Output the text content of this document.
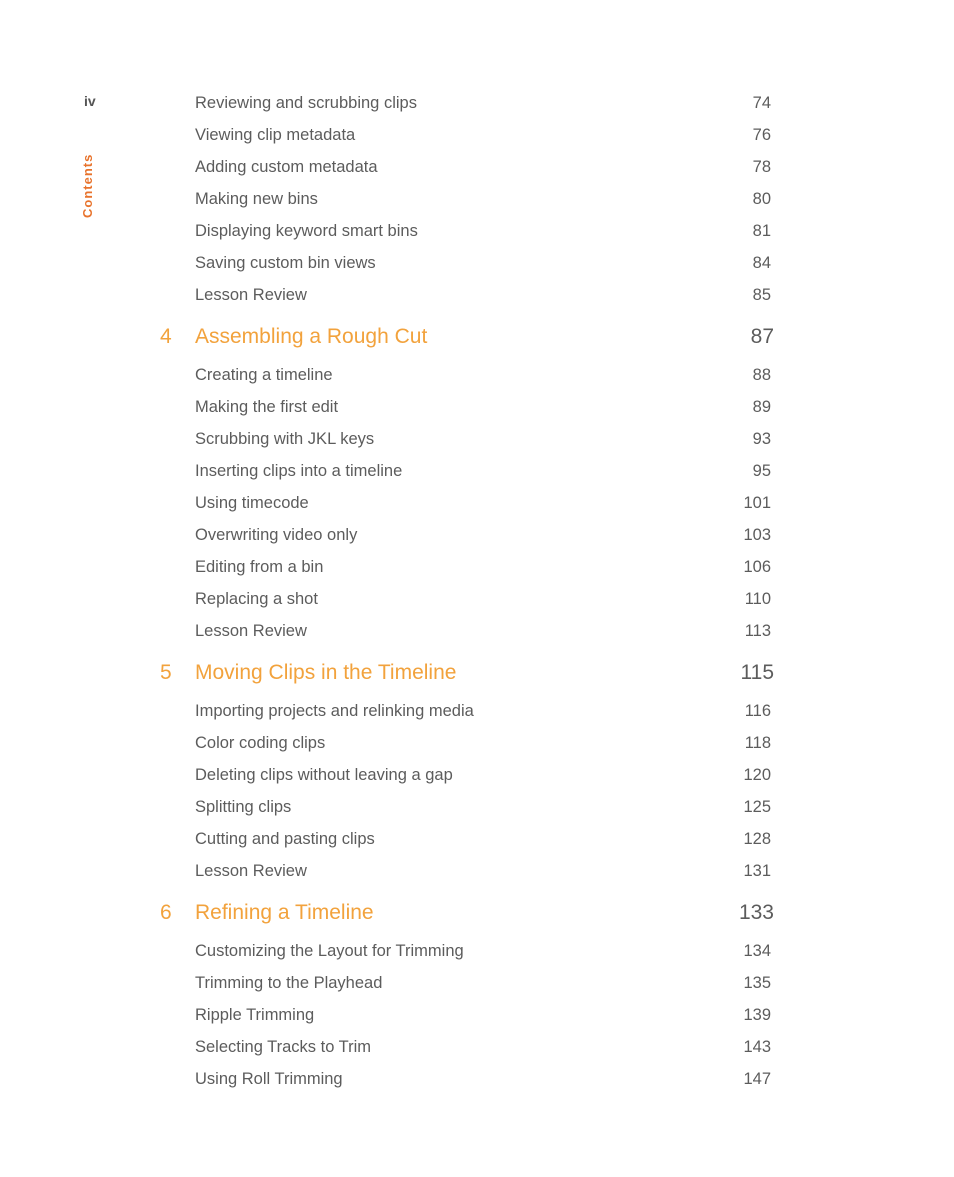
iv
Contents
Reviewing and scrubbing clips	74
Viewing clip metadata	76
Adding custom metadata	78
Making new bins	80
Displaying keyword smart bins	81
Saving custom bin views	84
Lesson Review	85
4 Assembling a Rough Cut	87
Creating a timeline	88
Making the first edit	89
Scrubbing with JKL keys	93
Inserting clips into a timeline	95
Using timecode	101
Overwriting video only	103
Editing from a bin	106
Replacing a shot	110
Lesson Review	113
5 Moving Clips in the Timeline	115
Importing projects and relinking media	116
Color coding clips	118
Deleting clips without leaving a gap	120
Splitting clips	125
Cutting and pasting clips	128
Lesson Review	131
6 Refining a Timeline	133
Customizing the Layout for Trimming	134
Trimming to the Playhead	135
Ripple Trimming	139
Selecting Tracks to Trim	143
Using Roll Trimming	147
